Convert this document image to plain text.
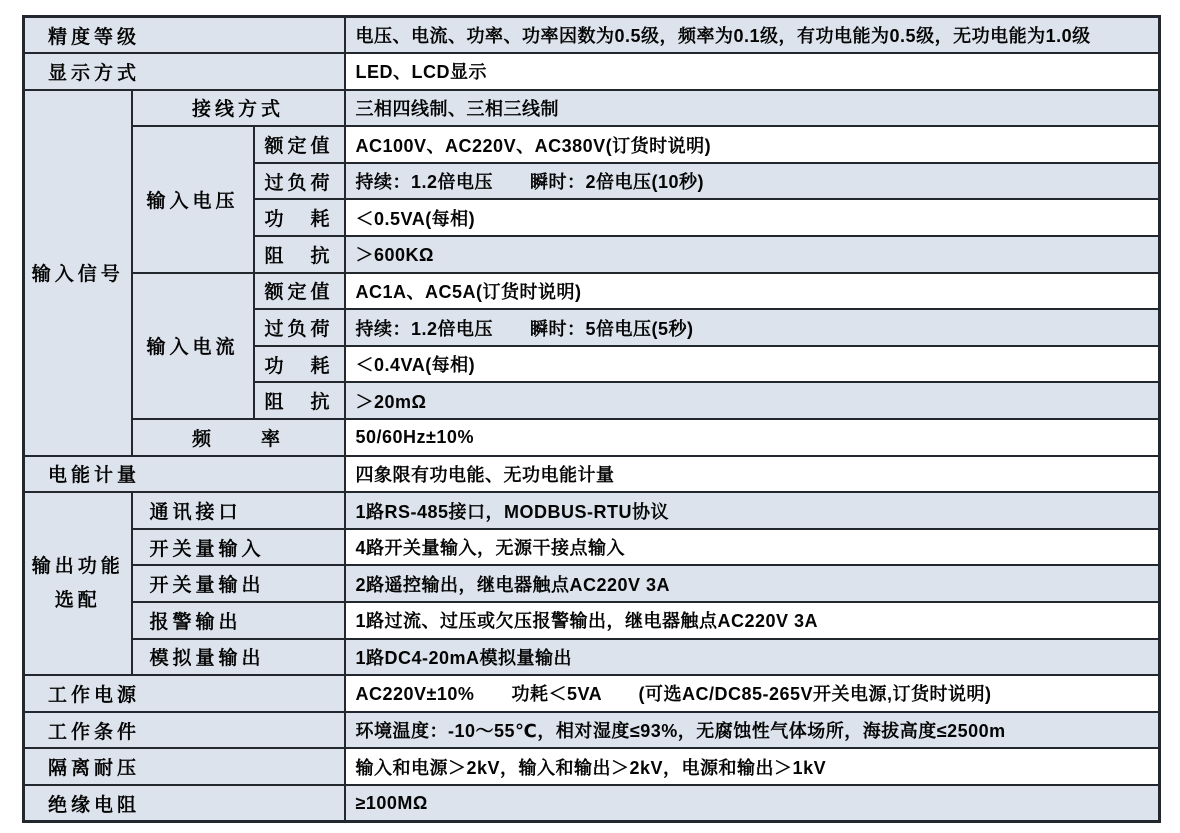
精度等级			电压、电流、功率、功率因数为0.5级，频率为0.1级，有功电能为0.5级，无功电能为1.0级
显示方式			LED、LCD显示
输入信号	接线方式		三相四线制、三相三线制
	输入电压	额定值	AC100V、AC220V、AC380V(订货时说明)
		过负荷	持续：1.2倍电压　　瞬时：2倍电压(10秒)
		功　耗	＜0.5VA(每相)
		阻　抗	＞600KΩ
	输入电流	额定值	AC1A、AC5A(订货时说明)
		过负荷	持续：1.2倍电压　　瞬时：5倍电压(5秒)
		功　耗	＜0.4VA(每相)
		阻　抗	＞20mΩ
	频　　率		50/60Hz±10%
电能计量			四象限有功电能、无功电能计量
输出功能
选配	通讯接口		1路RS-485接口，MODBUS-RTU协议
	开关量输入		4路开关量输入，无源干接点输入
	开关量输出		2路遥控输出，继电器触点AC220V 3A
	报警输出		1路过流、过压或欠压报警输出，继电器触点AC220V 3A
	模拟量输出		1路DC4-20mA模拟量输出
工作电源			AC220V±10%　　功耗＜5VA　　(可选AC/DC85-265V开关电源,订货时说明)
工作条件			环境温度：-10～55℃，相对湿度≤93%，无腐蚀性气体场所，海拔高度≤2500m
隔离耐压			输入和电源＞2kV，输入和输出＞2kV，电源和输出＞1kV
绝缘电阻			≥100MΩ
